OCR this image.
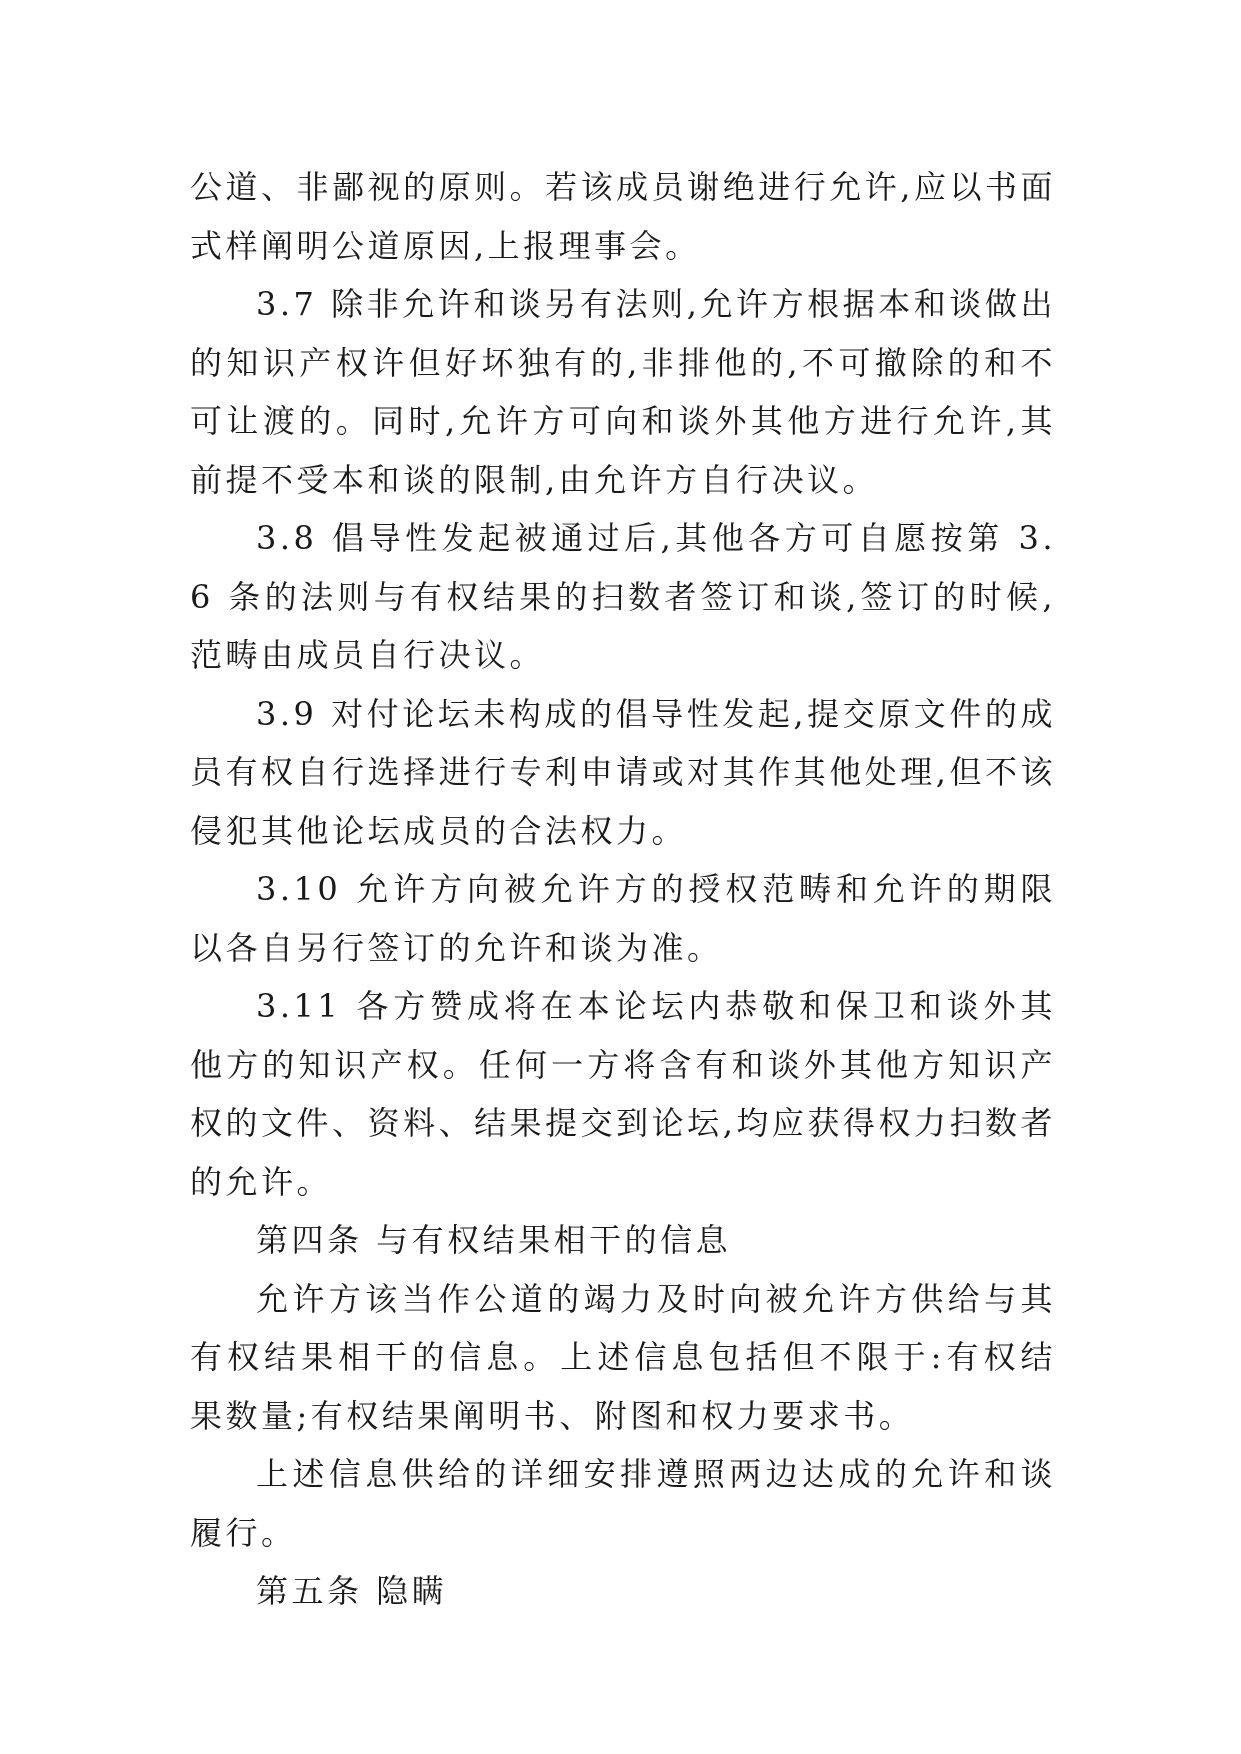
公道、非鄙视的原则。若该成员谢绝进行允许,应以书面式样阐明公道原因,上报理事会。

3.7 除非允许和谈另有法则,允许方根据本和谈做出的知识产权许但好坏独有的,非排他的,不可撤除的和不可让渡的。同时,允许方可向和谈外其他方进行允许,其前提不受本和谈的限制,由允许方自行决议。

3.8 倡导性发起被通过后,其他各方可自愿按第 3.6 条的法则与有权结果的扫数者签订和谈,签订的时候,范畴由成员自行决议。

3.9 对付论坛未构成的倡导性发起,提交原文件的成员有权自行选择进行专利申请或对其作其他处理,但不该侵犯其他论坛成员的合法权力。

3.10 允许方向被允许方的授权范畴和允许的期限以各自另行签订的允许和谈为准。

3.11 各方赞成将在本论坛内恭敬和保卫和谈外其他方的知识产权。任何一方将含有和谈外其他方知识产权的文件、资料、结果提交到论坛,均应获得权力扫数者的允许。

第四条 与有权结果相干的信息

允许方该当作公道的竭力及时向被允许方供给与其有权结果相干的信息。上述信息包括但不限于:有权结果数量;有权结果阐明书、附图和权力要求书。

上述信息供给的详细安排遵照两边达成的允许和谈履行。

第五条 隐瞒
